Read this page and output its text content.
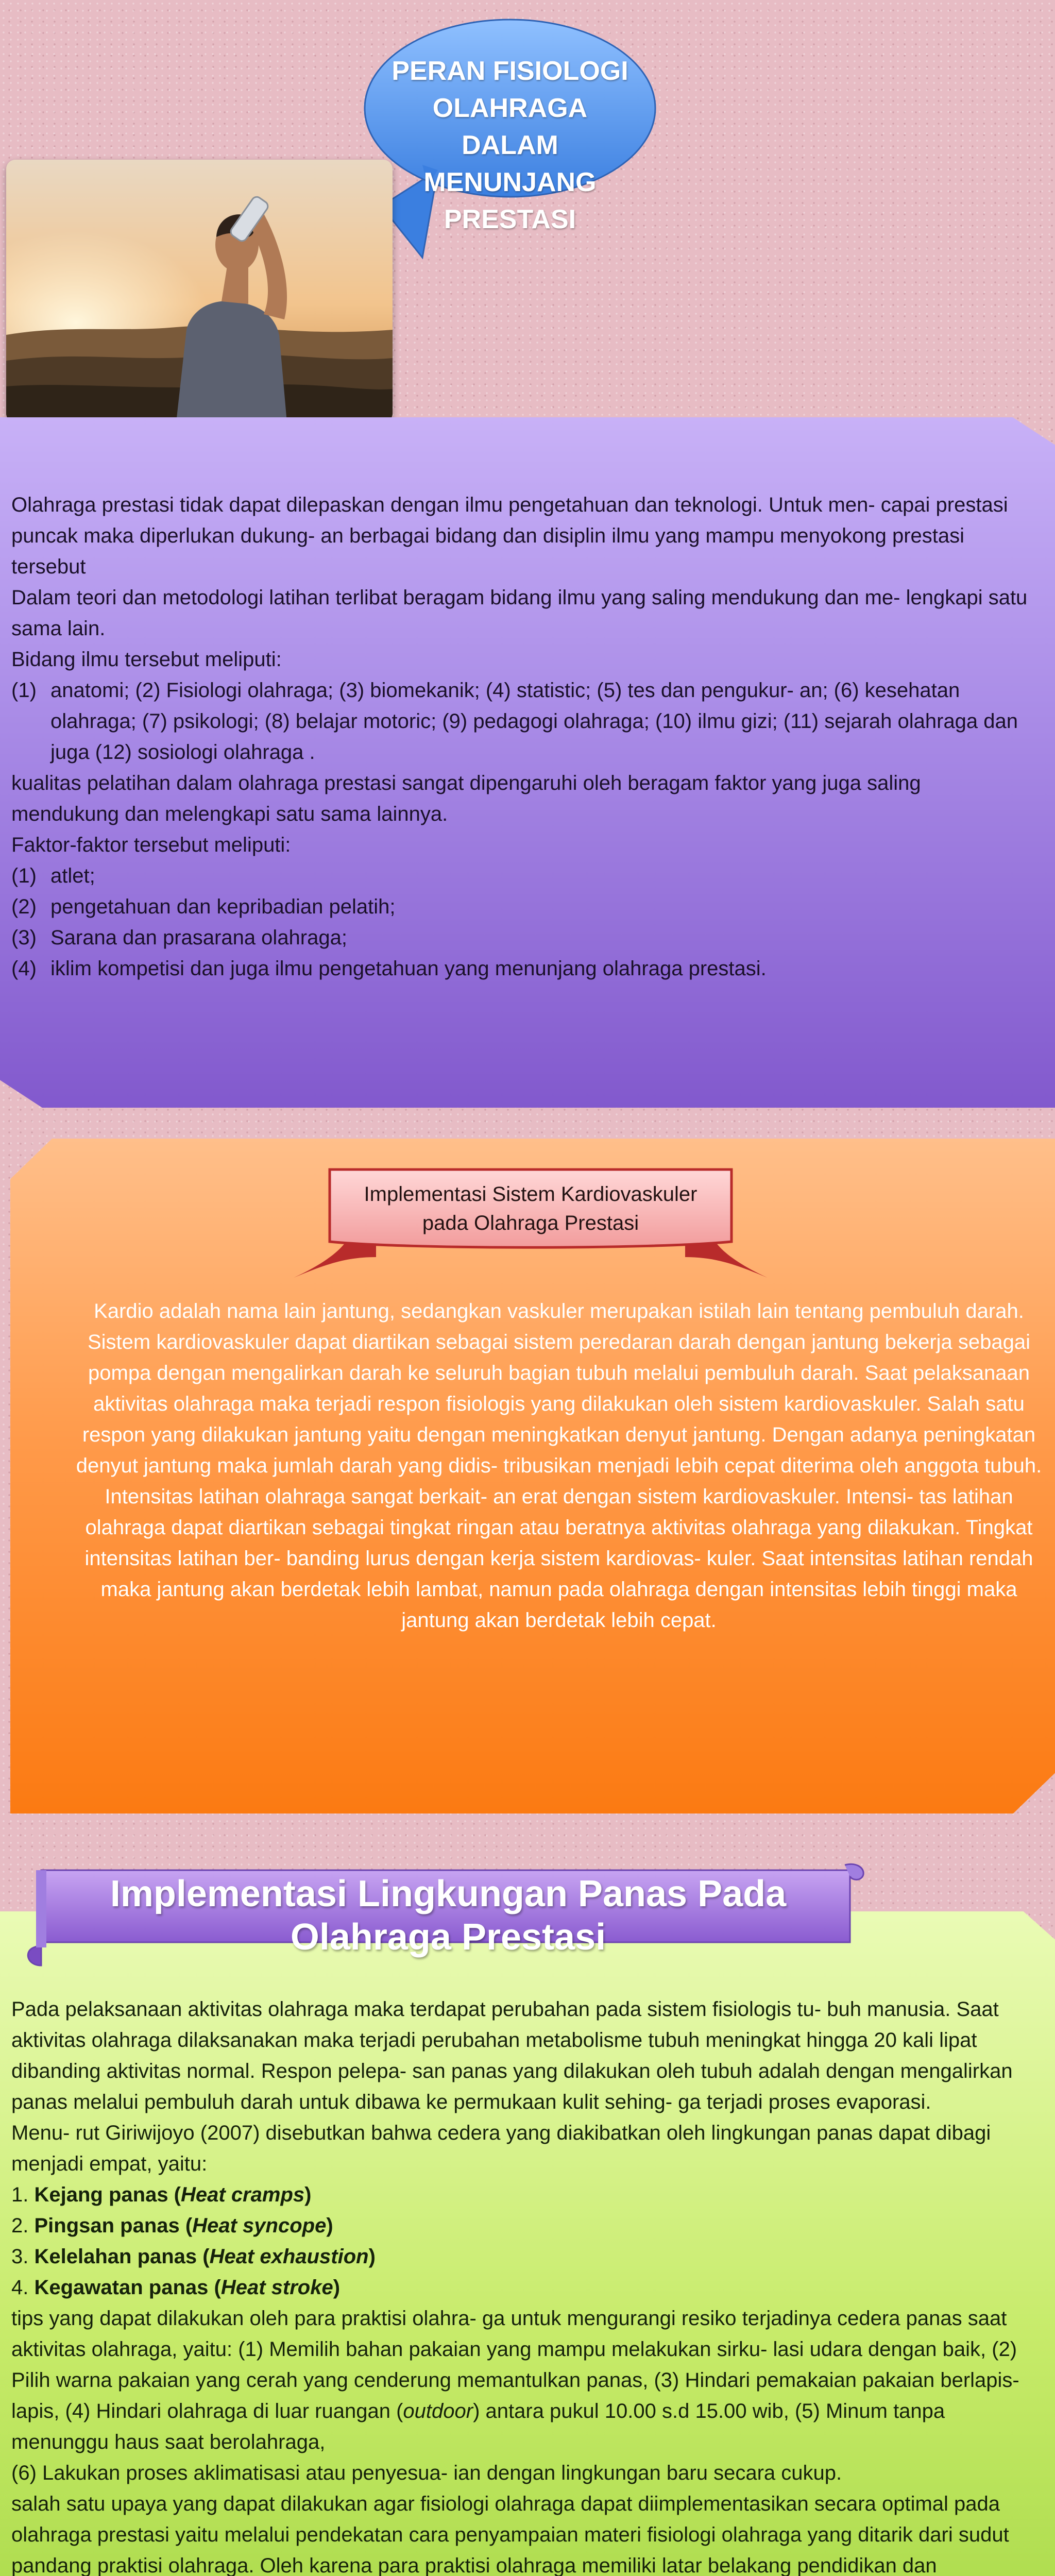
PERAN FISIOLOGI
OLAHRAGA DALAM
MENUNJANG PRESTASI

Olahraga prestasi tidak dapat dilepaskan dengan ilmu pengetahuan dan teknologi. Untuk men- capai prestasi puncak maka diperlukan dukung- an berbagai bidang dan disiplin ilmu yang mampu menyokong prestasi tersebut

Dalam teori dan metodologi latihan terlibat beragam bidang ilmu yang saling mendukung dan me- lengkapi satu sama lain.

Bidang ilmu tersebut meliputi:

(1) anatomi; (2) Fisiologi olahraga; (3) biomekanik; (4) statistic; (5) tes dan pengukur- an; (6) kesehatan olahraga; (7) psikologi; (8) belajar motoric; (9) pedagogi olahraga; (10) ilmu gizi; (11) sejarah olahraga dan juga (12) sosiologi olahraga .

kualitas pelatihan dalam olahraga prestasi sangat dipengaruhi oleh beragam faktor yang juga saling mendukung dan melengkapi satu sama lainnya.

Faktor-faktor tersebut meliputi:

(1) atlet;
(2) pengetahuan dan kepribadian pelatih;
(3) Sarana dan prasarana olahraga;
(4) iklim kompetisi dan juga ilmu pengetahuan yang menunjang olahraga prestasi.
Implementasi Sistem Kardiovaskuler
pada Olahraga Prestasi

Kardio adalah nama lain jantung, sedangkan vaskuler merupakan istilah lain tentang pembuluh darah. Sistem kardiovaskuler dapat diartikan sebagai sistem peredaran darah dengan jantung bekerja sebagai pompa dengan mengalirkan darah ke seluruh bagian tubuh melalui pembuluh darah. Saat pelaksanaan aktivitas olahraga maka terjadi respon fisiologis yang dilakukan oleh sistem kardiovaskuler. Salah satu respon yang dilakukan jantung yaitu dengan meningkatkan denyut jantung. Dengan adanya peningkatan denyut jantung maka jumlah darah yang didis- tribusikan menjadi lebih cepat diterima oleh anggota tubuh.

Intensitas latihan olahraga sangat berkait- an erat dengan sistem kardiovaskuler. Intensi- tas latihan olahraga dapat diartikan sebagai tingkat ringan atau beratnya aktivitas olahraga yang dilakukan. Tingkat intensitas latihan ber- banding lurus dengan kerja sistem kardiovas- kuler. Saat intensitas latihan rendah maka jantung akan berdetak lebih lambat, namun pada olahraga dengan intensitas lebih tinggi maka jantung akan berdetak lebih cepat.

Implementasi Lingkungan Panas Pada
Olahraga Prestasi

Pada pelaksanaan aktivitas olahraga maka terdapat perubahan pada sistem fisiologis tu- buh manusia. Saat aktivitas olahraga dilaksanakan maka terjadi perubahan metabolisme tubuh meningkat hingga 20 kali lipat dibanding aktivitas normal. Respon pelepa- san panas yang dilakukan oleh tubuh adalah dengan mengalirkan panas melalui pembuluh darah untuk dibawa ke permukaan kulit sehing- ga terjadi proses evaporasi.

Menu- rut Giriwijoyo (2007) disebutkan bahwa cedera yang diakibatkan oleh lingkungan panas dapat dibagi menjadi empat, yaitu:

1. Kejang panas (Heat cramps)

2. Pingsan panas (Heat syncope)

3. Kelelahan panas (Heat exhaustion)

4. Kegawatan panas (Heat stroke)

tips yang dapat dilakukan oleh para praktisi olahra- ga untuk mengurangi resiko terjadinya cedera panas saat aktivitas olahraga, yaitu: (1) Memilih bahan pakaian yang mampu melakukan sirku- lasi udara dengan baik, (2) Pilih warna pakaian yang cerah yang cenderung memantulkan panas, (3) Hindari pemakaian pakaian berlapis- lapis, (4) Hindari olahraga di luar ruangan (outdoor) antara pukul 10.00 s.d 15.00 wib, (5) Minum tanpa menunggu haus saat berolahraga,

(6) Lakukan proses aklimatisasi atau penyesua- ian dengan lingkungan baru secara cukup.

salah satu upaya yang dapat dilakukan agar fisiologi olahraga dapat diimplementasikan secara optimal pada olahraga prestasi yaitu melalui pendekatan cara penyampaian materi fisiologi olahraga yang ditarik dari sudut pandang praktisi olahraga. Oleh karena para praktisi olahraga memiliki latar belakang pendidikan dan
